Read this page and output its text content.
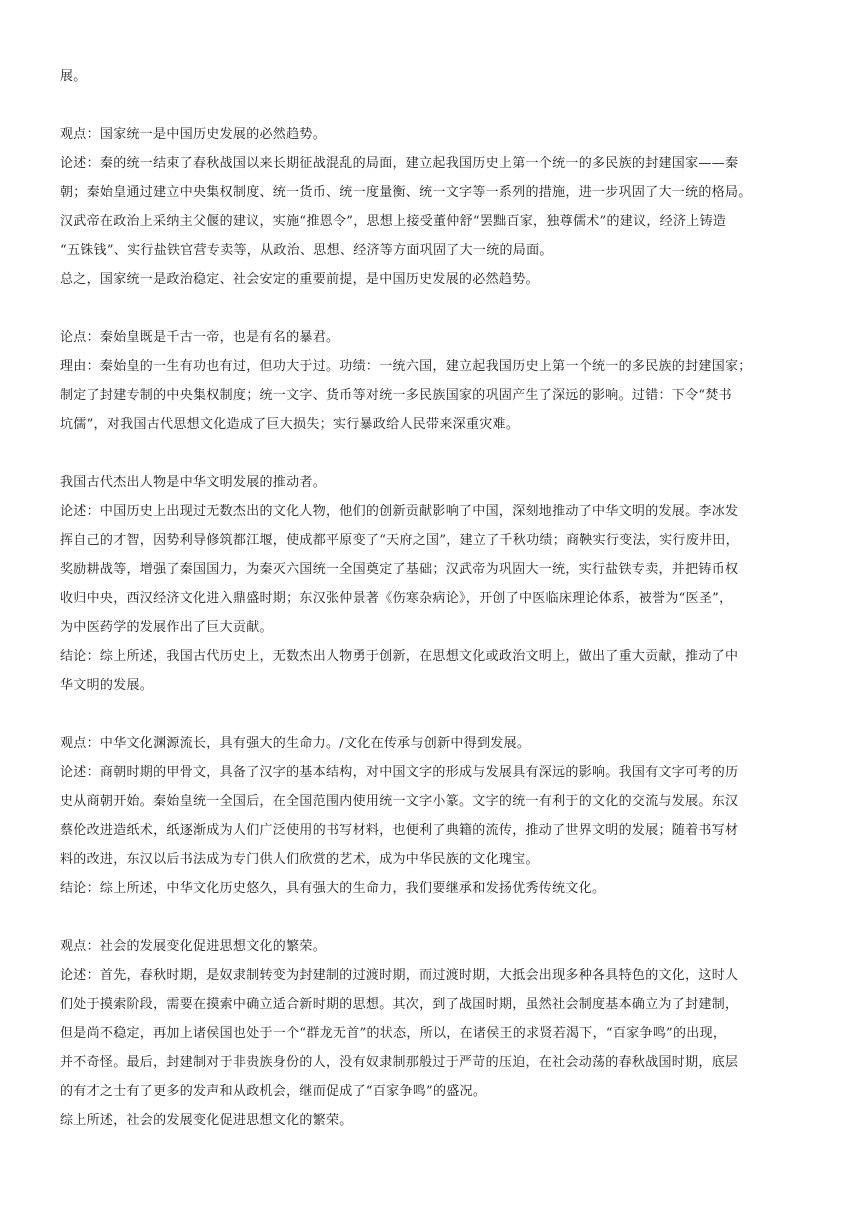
展。
观点：国家统一是中国历史发展的必然趋势。
论述：秦的统一结束了春秋战国以来长期征战混乱的局面，建立起我国历史上第一个统一的多民族的封建国家——秦
朝；秦始皇通过建立中央集权制度、统一货币、统一度量衡、统一文字等一系列的措施，进一步巩固了大一统的格局。
汉武帝在政治上采纳主父偃的建议，实施“推恩令”，思想上接受董仲舒“罢黜百家，独尊儒术”的建议，经济上铸造
“五铢钱”、实行盐铁官营专卖等，从政治、思想、经济等方面巩固了大一统的局面。
总之，国家统一是政治稳定、社会安定的重要前提，是中国历史发展的必然趋势。
论点：秦始皇既是千古一帝，也是有名的暴君。
理由：秦始皇的一生有功也有过，但功大于过。功绩：一统六国，建立起我国历史上第一个统一的多民族的封建国家；
制定了封建专制的中央集权制度；统一文字、货币等对统一多民族国家的巩固产生了深远的影响。过错：下令“焚书
坑儒”，对我国古代思想文化造成了巨大损失；实行暴政给人民带来深重灾难。
我国古代杰出人物是中华文明发展的推动者。
论述：中国历史上出现过无数杰出的文化人物，他们的创新贡献影响了中国，深刻地推动了中华文明的发展。李冰发
挥自己的才智，因势利导修筑都江堰，使成都平原变了“天府之国”，建立了千秋功绩；商鞅实行变法，实行废井田，
奖励耕战等，增强了秦国国力，为秦灭六国统一全国奠定了基础；汉武帝为巩固大一统，实行盐铁专卖，并把铸币权
收归中央，西汉经济文化进入鼎盛时期；东汉张仲景著《伤寒杂病论》，开创了中医临床理论体系，被誉为“医圣”，
为中医药学的发展作出了巨大贡献。
结论：综上所述，我国古代历史上，无数杰出人物勇于创新，在思想文化或政治文明上，做出了重大贡献，推动了中
华文明的发展。
观点：中华文化渊源流长，具有强大的生命力。/文化在传承与创新中得到发展。
论述：商朝时期的甲骨文，具备了汉字的基本结构，对中国文字的形成与发展具有深远的影响。我国有文字可考的历
史从商朝开始。秦始皇统一全国后，在全国范围内使用统一文字小篆。文字的统一有利于的文化的交流与发展。东汉
蔡伦改进造纸术，纸逐渐成为人们广泛使用的书写材料，也便利了典籍的流传，推动了世界文明的发展；随着书写材
料的改进，东汉以后书法成为专门供人们欣赏的艺术，成为中华民族的文化瑰宝。
结论：综上所述，中华文化历史悠久，具有强大的生命力，我们要继承和发扬优秀传统文化。
观点：社会的发展变化促进思想文化的繁荣。
论述：首先，春秋时期，是奴隶制转变为封建制的过渡时期，而过渡时期，大抵会出现多种各具特色的文化，这时人
们处于摸索阶段，需要在摸索中确立适合新时期的思想。其次，到了战国时期，虽然社会制度基本确立为了封建制，
但是尚不稳定，再加上诸侯国也处于一个“群龙无首”的状态，所以，在诸侯王的求贤若渴下，“百家争鸣”的出现，
并不奇怪。最后，封建制对于非贵族身份的人，没有奴隶制那般过于严苛的压迫，在社会动荡的春秋战国时期，底层
的有才之士有了更多的发声和从政机会，继而促成了“百家争鸣”的盛况。
综上所述，社会的发展变化促进思想文化的繁荣。
